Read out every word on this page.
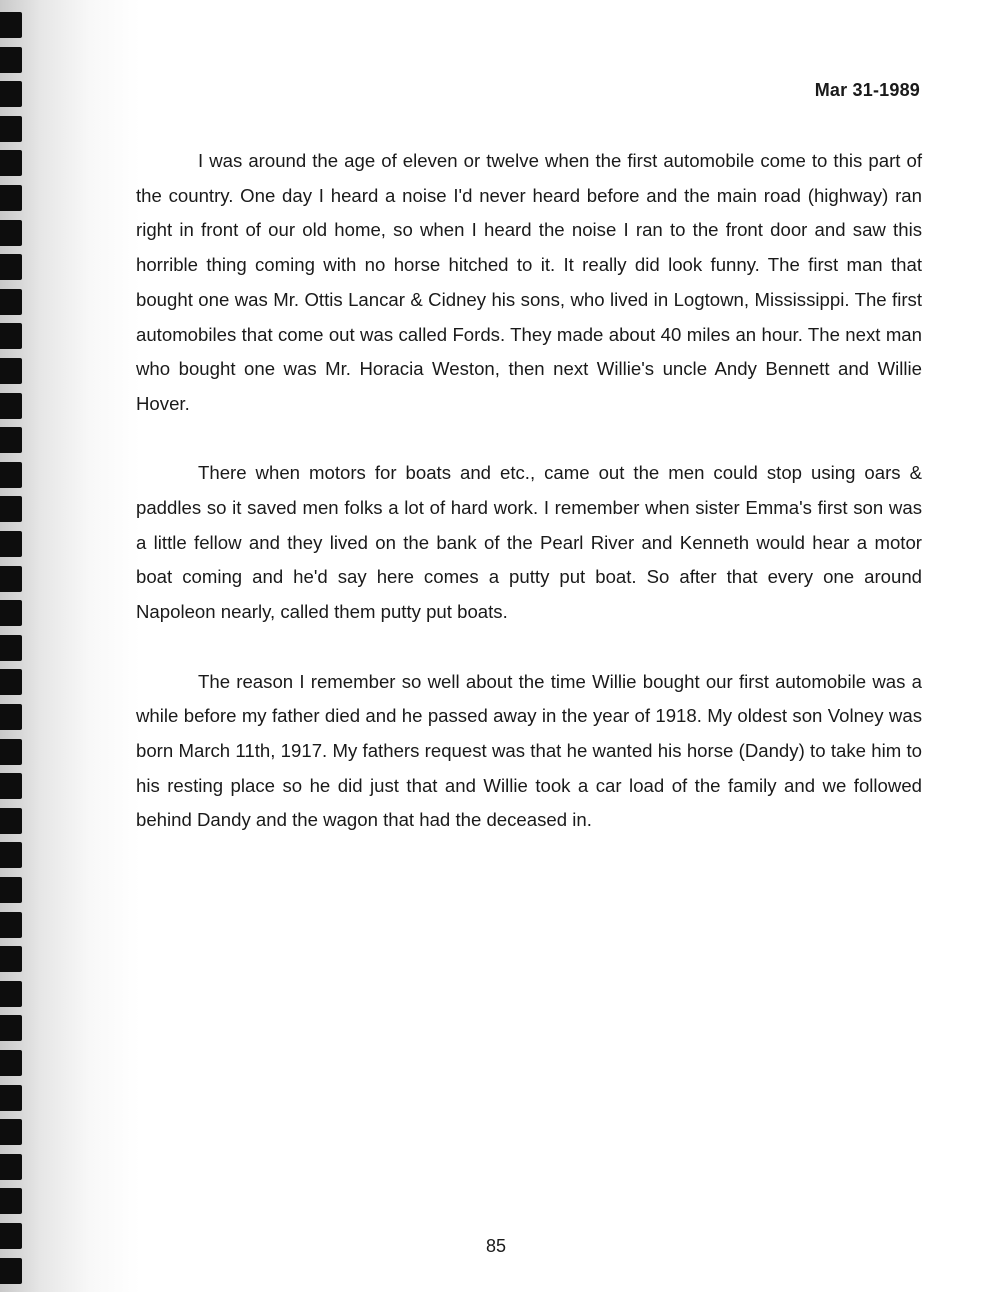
Mar 31-1989

I was around the age of eleven or twelve when the first automobile come to this part of the country. One day I heard a noise I'd never heard before and the main road (highway) ran right in front of our old home, so when I heard the noise I ran to the front door and saw this horrible thing coming with no horse hitched to it. It really did look funny. The first man that bought one was Mr. Ottis Lancar & Cidney his sons, who lived in Logtown, Mississippi. The first automobiles that come out was called Fords. They made about 40 miles an hour. The next man who bought one was Mr. Horacia Weston, then next Willie's uncle Andy Bennett and Willie Hover.

There when motors for boats and etc., came out the men could stop using oars & paddles so it saved men folks a lot of hard work. I remember when sister Emma's first son was a little fellow and they lived on the bank of the Pearl River and Kenneth would hear a motor boat coming and he'd say here comes a putty put boat. So after that every one around Napoleon nearly, called them putty put boats.

The reason I remember so well about the time Willie bought our first automobile was a while before my father died and he passed away in the year of 1918. My oldest son Volney was born March 11th, 1917. My fathers request was that he wanted his horse (Dandy) to take him to his resting place so he did just that and Willie took a car load of the family and we followed behind Dandy and the wagon that had the deceased in.

85
